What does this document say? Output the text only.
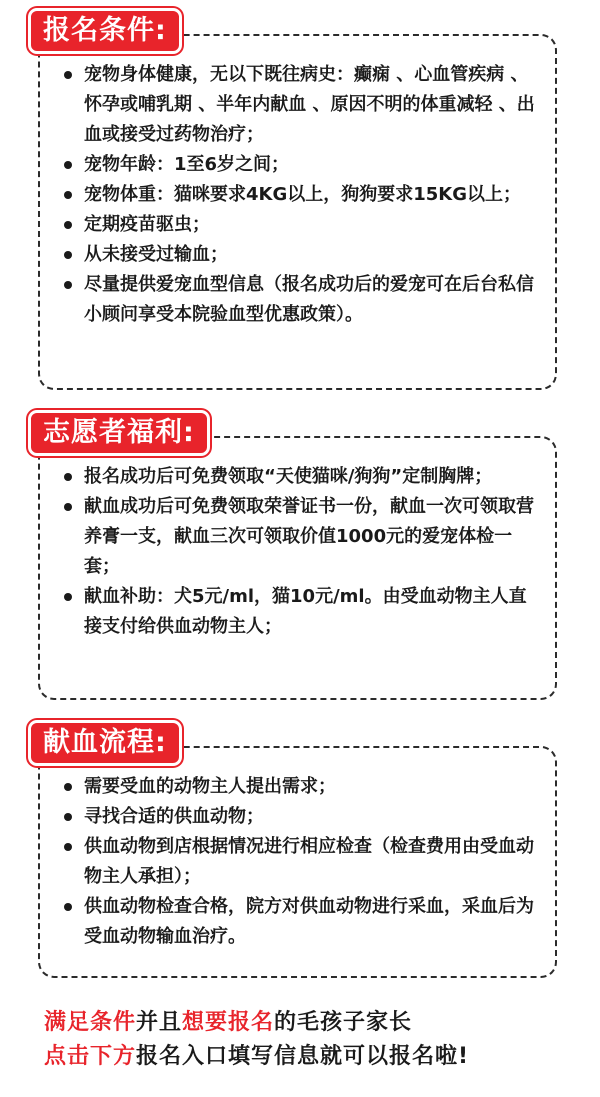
报名条件:
宠物身体健康，无以下既往病史：癫痫 、心血管疾病 、怀孕或哺乳期 、半年内献血 、原因不明的体重减轻 、出血或接受过药物治疗；
宠物年龄：1至6岁之间；
宠物体重：猫咪要求4KG以上，狗狗要求15KG以上；
定期疫苗驱虫；
从未接受过输血；
尽量提供爱宠血型信息（报名成功后的爱宠可在后台私信小顾问享受本院验血型优惠政策）。
志愿者福利:
报名成功后可免费领取“天使猫咪/狗狗”定制胸牌；
献血成功后可免费领取荣誉证书一份，献血一次可领取营养膏一支，献血三次可领取价值1000元的爱宠体检一套；
献血补助：犬5元/ml，猫10元/ml。由受血动物主人直接支付给供血动物主人；
献血流程:
需要受血的动物主人提出需求；
寻找合适的供血动物；
供血动物到店根据情况进行相应检查（检查费用由受血动物主人承担）；
供血动物检查合格，院方对供血动物进行采血，采血后为受血动物输血治疗。
满足条件并且想要报名的毛孩子家长
点击下方报名入口填写信息就可以报名啦!
